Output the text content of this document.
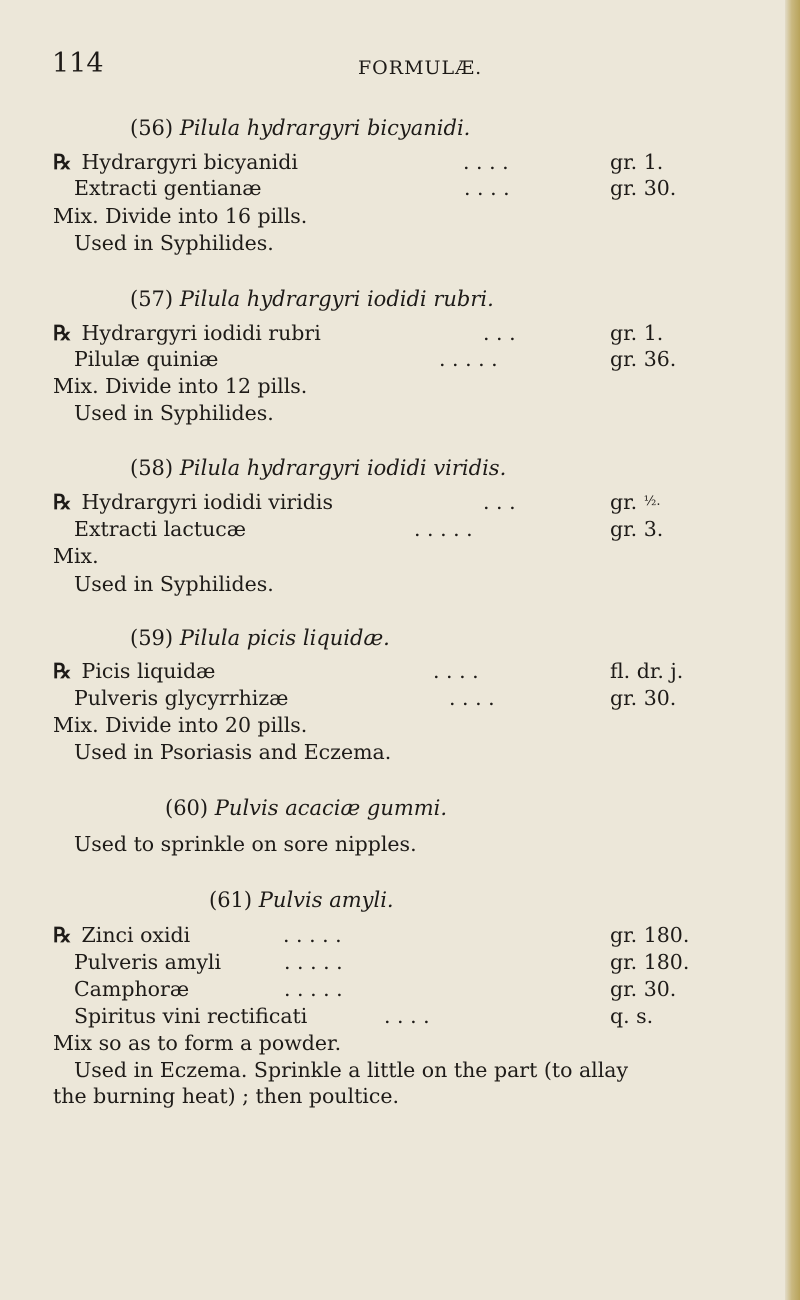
114	FORMULÆ.
(56) Pilula hydrargyri bicyanidi.
℞ Hydrargyri bicyanidi	. . . .	gr. 1.
Extracti gentianæ	. . . .	gr. 30.
Mix. Divide into 16 pills.
Used in Syphilides.
(57) Pilula hydrargyri iodidi rubri.
℞ Hydrargyri iodidi rubri	. . .	gr. 1.
Pilulæ quiniæ	. . . . .	gr. 36.
Mix. Divide into 12 pills.
Used in Syphilides.
(58) Pilula hydrargyri iodidi viridis.
℞ Hydrargyri iodidi viridis	. . .	gr. ½.
Extracti lactucæ	. . . . .	gr. 3.
Mix.
Used in Syphilides.
(59) Pilula picis liquidæ.
℞ Picis liquidæ	. . . .	fl. dr. j.
Pulveris glycyrrhizæ	. . . .	gr. 30.
Mix. Divide into 20 pills.
Used in Psoriasis and Eczema.
(60) Pulvis acaciæ gummi.
Used to sprinkle on sore nipples.
(61) Pulvis amyli.
℞ Zinci oxidi	. . . . .	gr. 180.
Pulveris amyli	. . . . .	gr. 180.
Camphoræ	. . . . .	gr. 30.
Spiritus vini rectificati	. . . .	q. s.
Mix so as to form a powder.
Used in Eczema. Sprinkle a little on the part (to allay
the burning heat) ; then poultice.
